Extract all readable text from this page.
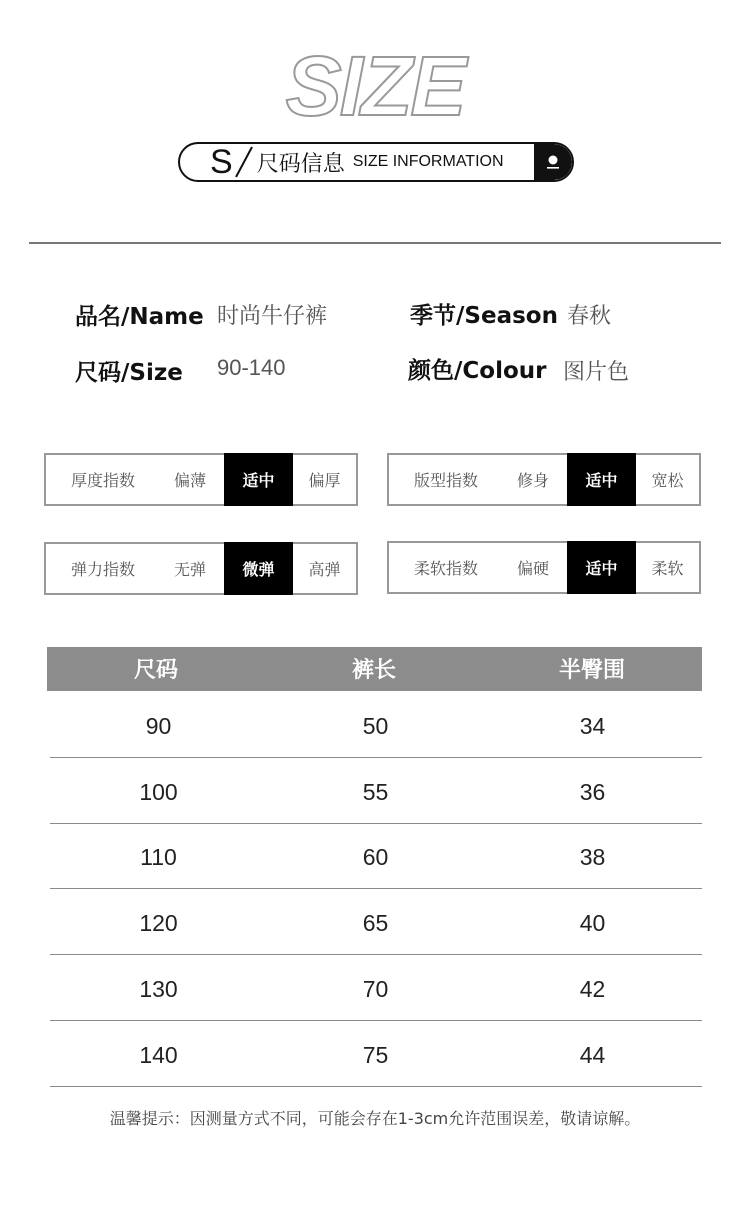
SIZE
S 尺码信息 SIZE INFORMATION
品名/Name 时尚牛仔裤	季节/Season 春秋
尺码/Size 90-140	颜色/Colour 图片色
厚度指数	偏薄	适中	偏厚	版型指数	修身	适中	宽松
弹力指数	无弹	微弹	高弹	柔软指数	偏硬	适中	柔软
尺码	裤长	半臀围
90	50	34
100	55	36
110	60	38
120	65	40
130	70	42
140	75	44
温馨提示：因测量方式不同，可能会存在1-3cm允许范围误差，敬请谅解。
